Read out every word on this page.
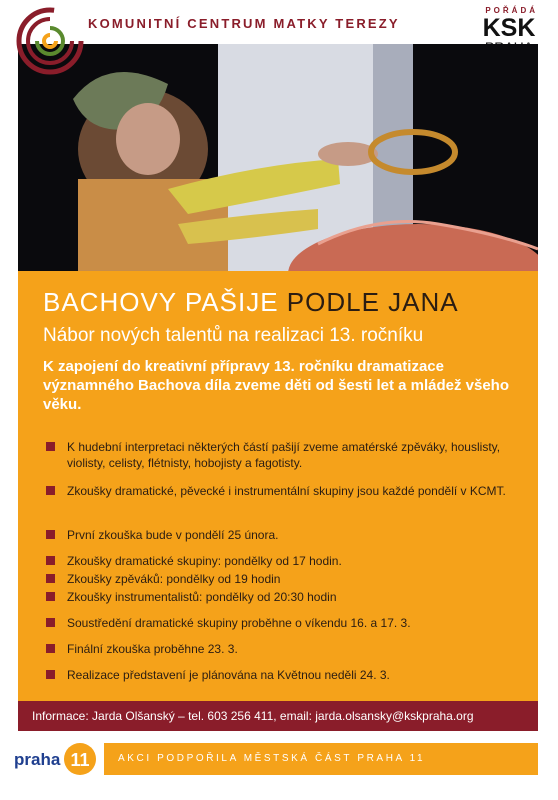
KOMUNITNÍ CENTRUM MATKY TEREZY
POŘÁDÁ
KSK
BACHOVY PAŠIJE PODLE JANA
Nábor nových talentů na realizaci 13. ročníku
K zapojení do kreativní přípravy 13. ročníku dramatizace významného Bachova díla zveme děti od šesti let a mládež všeho věku.
K hudební interpretaci některých částí pašijí zveme amatérské zpěváky, houslisty, violisty, celisty, flétnisty, hobojisty a fagotisty.
Zkoušky dramatické, pěvecké i instrumentální skupiny jsou každé pondělí v KCMT.
První zkouška bude v pondělí 25 února.
Zkoušky dramatické skupiny: pondělky od 17 hodin.
Zkoušky zpěváků: pondělky od 19 hodin
Zkoušky instrumentalistů: pondělky od 20:30 hodin
Soustředění dramatické skupiny proběhne o víkendu 16. a 17. 3.
Finální zkouška proběhne 23. 3.
Realizace představení je plánována na Květnou neděli 24. 3.
Informace: Jarda Olšanský – tel. 603 256 411, email: jarda.olsansky@kskpraha.org
praha 11	AKCI PODPOŘILA MĚSTSKÁ ČÁST PRAHA 11
